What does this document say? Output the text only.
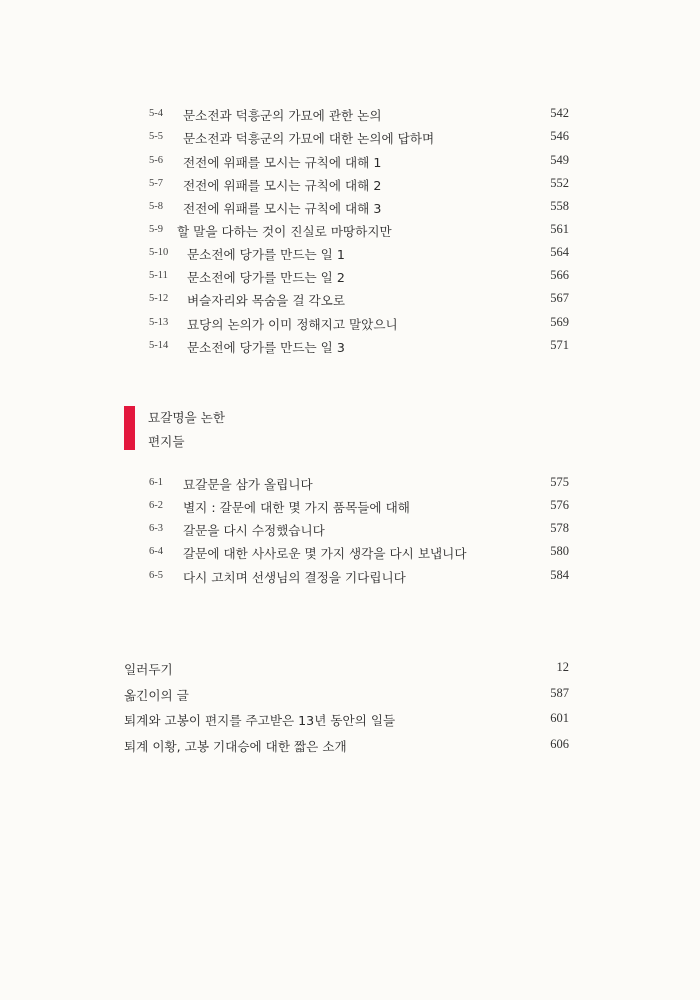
5-4 문소전과 덕흥군의 가묘에 관한 논의	542
5-5 문소전과 덕흥군의 가묘에 대한 논의에 답하며	546
5-6 전전에 위패를 모시는 규칙에 대해 1	549
5-7 전전에 위패를 모시는 규칙에 대해 2	552
5-8 전전에 위패를 모시는 규칙에 대해 3	558
5-9 할 말을 다하는 것이 진실로 마땅하지만	561
5-10 문소전에 당가를 만드는 일 1	564
5-11 문소전에 당가를 만드는 일 2	566
5-12 벼슬자리와 목숨을 걸 각오로	567
5-13 묘당의 논의가 이미 정해지고 말았으니	569
5-14 문소전에 당가를 만드는 일 3	571
묘갈명을 논한
편지들
6-1 묘갈문을 삼가 올립니다	575
6-2 별지 : 갈문에 대한 몇 가지 품목들에 대해	576
6-3 갈문을 다시 수정했습니다	578
6-4 갈문에 대한 사사로운 몇 가지 생각을 다시 보냅니다	580
6-5 다시 고치며 선생님의 결정을 기다립니다	584
일러두기	12
옮긴이의 글	587
퇴계와 고봉이 편지를 주고받은 13년 동안의 일들	601
퇴계 이황, 고봉 기대승에 대한 짧은 소개	606
